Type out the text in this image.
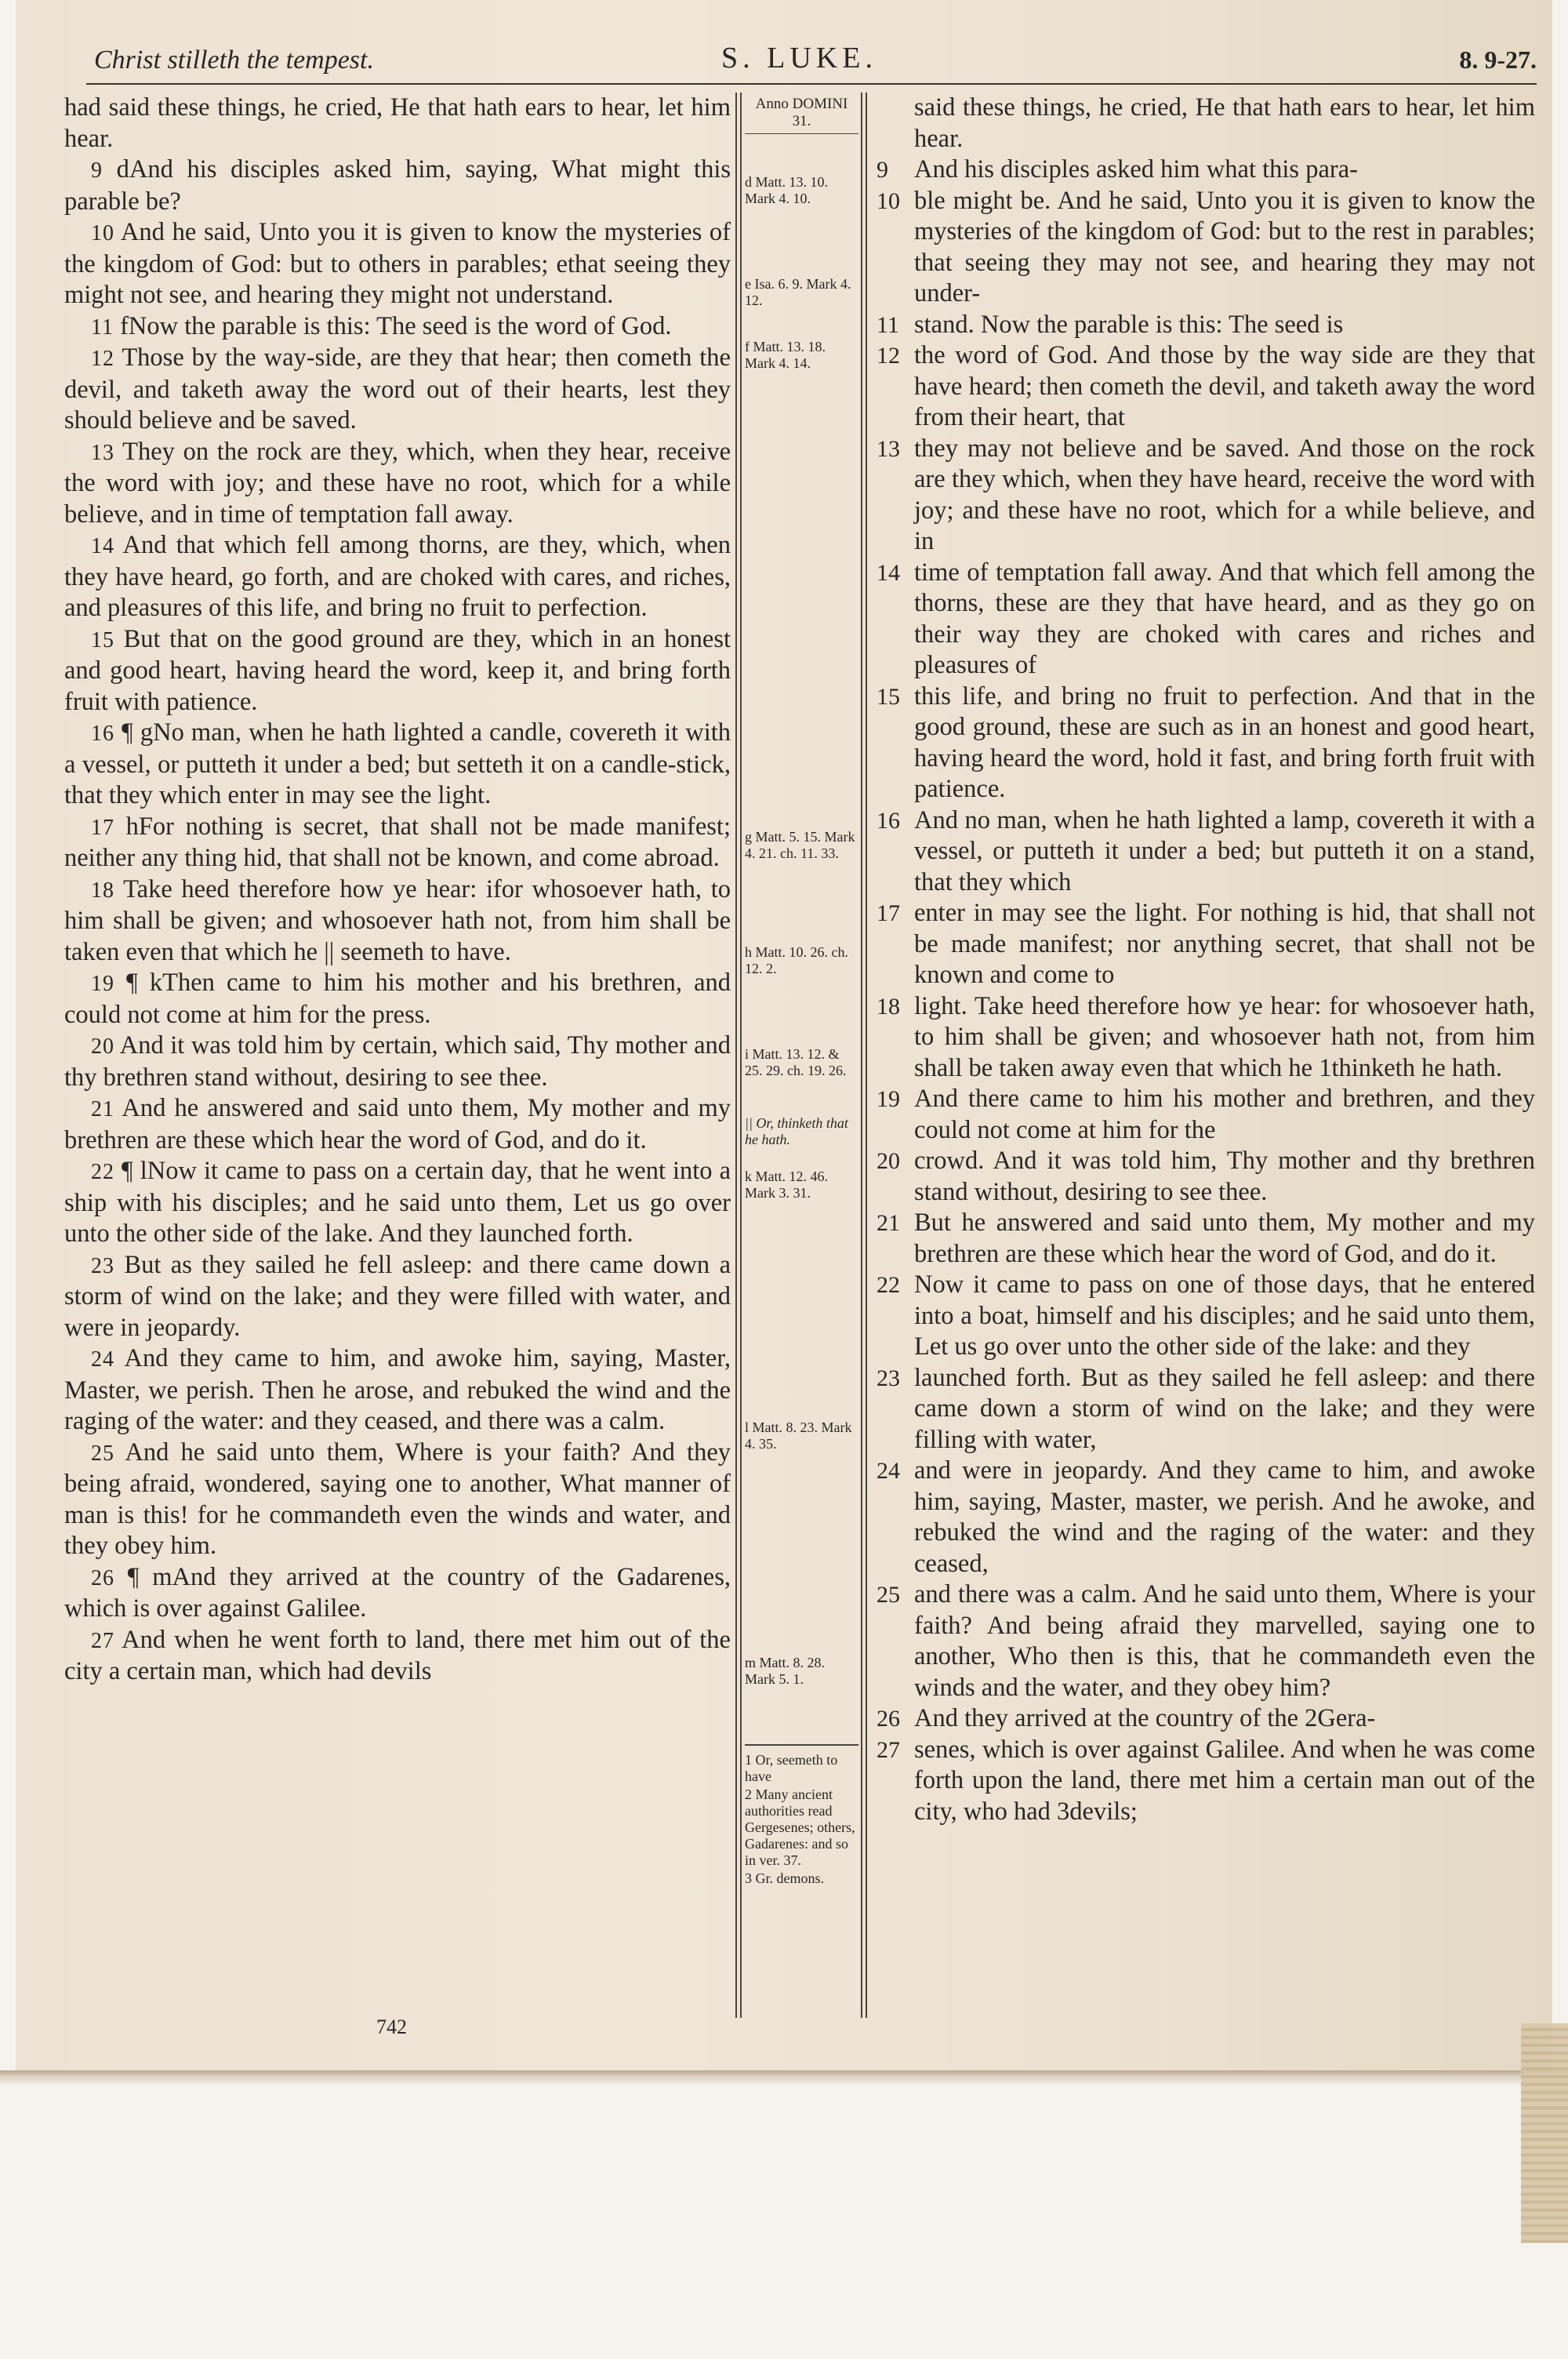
Christ stilleth the tempest.	S. LUKE.	8. 9-27.

had said these things, he cried, He that hath ears to hear, let him hear.

9 dAnd his disciples asked him, saying, What might this parable be?

10 And he said, Unto you it is given to know the mysteries of the kingdom of God: but to others in parables; ethat seeing they might not see, and hearing they might not understand.

11 fNow the parable is this: The seed is the word of God.

12 Those by the way-side, are they that hear; then cometh the devil, and taketh away the word out of their hearts, lest they should believe and be saved.

13 They on the rock are they, which, when they hear, receive the word with joy; and these have no root, which for a while believe, and in time of temptation fall away.

14 And that which fell among thorns, are they, which, when they have heard, go forth, and are choked with cares, and riches, and pleasures of this life, and bring no fruit to perfection.

15 But that on the good ground are they, which in an honest and good heart, having heard the word, keep it, and bring forth fruit with patience.

16 ¶ gNo man, when he hath lighted a candle, covereth it with a vessel, or putteth it under a bed; but setteth it on a candle-stick, that they which enter in may see the light.

17 hFor nothing is secret, that shall not be made manifest; neither any thing hid, that shall not be known, and come abroad.

18 Take heed therefore how ye hear: ifor whosoever hath, to him shall be given; and whosoever hath not, from him shall be taken even that which he || seemeth to have.

19 ¶ kThen came to him his mother and his brethren, and could not come at him for the press.

20 And it was told him by certain, which said, Thy mother and thy brethren stand without, desiring to see thee.

21 And he answered and said unto them, My mother and my brethren are these which hear the word of God, and do it.

22 ¶ lNow it came to pass on a certain day, that he went into a ship with his disciples; and he said unto them, Let us go over unto the other side of the lake. And they launched forth.

23 But as they sailed he fell asleep: and there came down a storm of wind on the lake; and they were filled with water, and were in jeopardy.

24 And they came to him, and awoke him, saying, Master, Master, we perish. Then he arose, and rebuked the wind and the raging of the water: and they ceased, and there was a calm.

25 And he said unto them, Where is your faith? And they being afraid, wondered, saying one to another, What manner of man is this! for he commandeth even the winds and water, and they obey him.

26 ¶ mAnd they arrived at the country of the Gadarenes, which is over against Galilee.

27 And when he went forth to land, there met him out of the city a certain man, which had devils

Anno DOMINI
31.
d Matt. 13. 10. Mark 4. 10.
e Isa. 6. 9. Mark 4. 12.
f Matt. 13. 18. Mark 4. 14.
g Matt. 5. 15. Mark 4. 21. ch. 11. 33.
h Matt. 10. 26. ch. 12. 2.
i Matt. 13. 12. & 25. 29. ch. 19. 26.
|| Or, thinketh that he hath.
k Matt. 12. 46. Mark 3. 31.
l Matt. 8. 23. Mark 4. 35.
m Matt. 8. 28. Mark 5. 1.
1 Or, seemeth to have
2 Many ancient authorities read Gergesenes; others, Gadarenes: and so in ver. 37.
3 Gr. demons.
said these things, he cried, He that hath ears to hear, let him hear.
9	And his disciples asked him what this para-
10 ble might be. And he said, Unto you it is given to know the mysteries of the kingdom of God: but to the rest in parables; that seeing they may not see, and hearing they may not under-
11 stand. Now the parable is this: The seed is
12 the word of God. And those by the way side are they that have heard; then cometh the devil, and taketh away the word from their heart, that
13 they may not believe and be saved. And those on the rock are they which, when they have heard, receive the word with joy; and these have no root, which for a while believe, and in
14 time of temptation fall away. And that which fell among the thorns, these are they that have heard, and as they go on their way they are choked with cares and riches and pleasures of
15 this life, and bring no fruit to perfection. And that in the good ground, these are such as in an honest and good heart, having heard the word, hold it fast, and bring forth fruit with patience.
16 And no man, when he hath lighted a lamp, covereth it with a vessel, or putteth it under a bed; but putteth it on a stand, that they which
17 enter in may see the light. For nothing is hid, that shall not be made manifest; nor anything secret, that shall not be known and come to
18 light. Take heed therefore how ye hear: for whosoever hath, to him shall be given; and whosoever hath not, from him shall be taken away even that which he 1thinketh he hath.
19 And there came to him his mother and brethren, and they could not come at him for the
20 crowd. And it was told him, Thy mother and thy brethren stand without, desiring to see thee.
21 But he answered and said unto them, My mother and my brethren are these which hear the word of God, and do it.
22 Now it came to pass on one of those days, that he entered into a boat, himself and his disciples; and he said unto them, Let us go over unto the other side of the lake: and they
23 launched forth. But as they sailed he fell asleep: and there came down a storm of wind on the lake; and they were filling with water,
24 and were in jeopardy. And they came to him, and awoke him, saying, Master, master, we perish. And he awoke, and rebuked the wind and the raging of the water: and they ceased,
25 and there was a calm. And he said unto them, Where is your faith? And being afraid they marvelled, saying one to another, Who then is this, that he commandeth even the winds and the water, and they obey him?
26 And they arrived at the country of the 2Gera-
27 senes, which is over against Galilee. And when he was come forth upon the land, there met him a certain man out of the city, who had 3devils;
742
